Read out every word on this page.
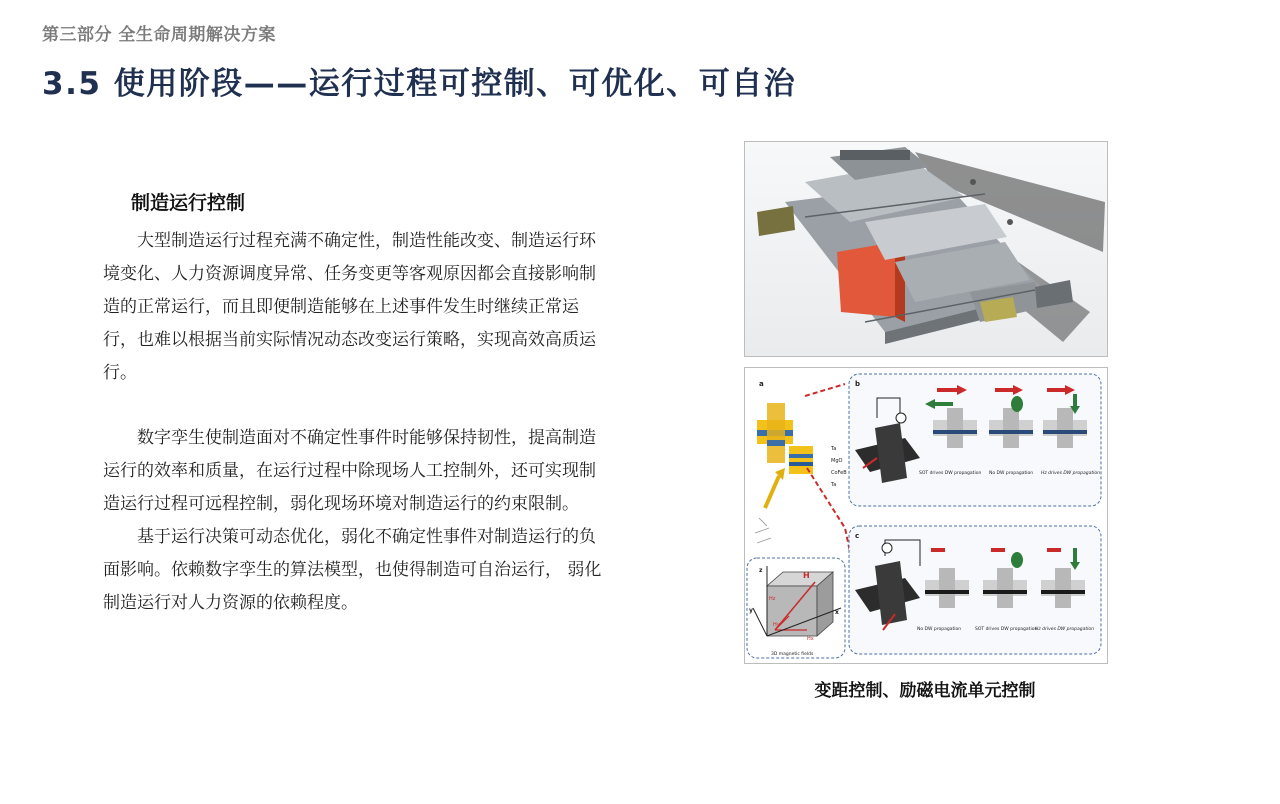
第三部分 全生命周期解决方案
3.5 使用阶段——运行过程可控制、可优化、可自治
制造运行控制

大型制造运行过程充满不确定性，制造性能改变、制造运行环境变化、人力资源调度异常、任务变更等客观原因都会直接影响制造的正常运行，而且即便制造能够在上述事件发生时继续正常运行，也难以根据当前实际情况动态改变运行策略，实现高效高质运行。

数字孪生使制造面对不确定性事件时能够保持韧性，提高制造运行的效率和质量，在运行过程中除现场人工控制外，还可实现制造运行过程可远程控制，弱化现场环境对制造运行的约束限制。

基于运行决策可动态优化，弱化不确定性事件对制造运行的负面影响。依赖数字孪生的算法模型，也使得制造可自治运行， 弱化制造运行对人力资源的依赖程度。

a
Ta
MgO
CoFeB
Ta
b
SOT drives DW propagation No DW propagation Hz drives DW propagation
c
No DW propagation	SOT drives DW propagation
Hz drives DW propagation
z
x
y
H
Hx
Hy
Hz
3D magnetic fields
变距控制、励磁电流单元控制
